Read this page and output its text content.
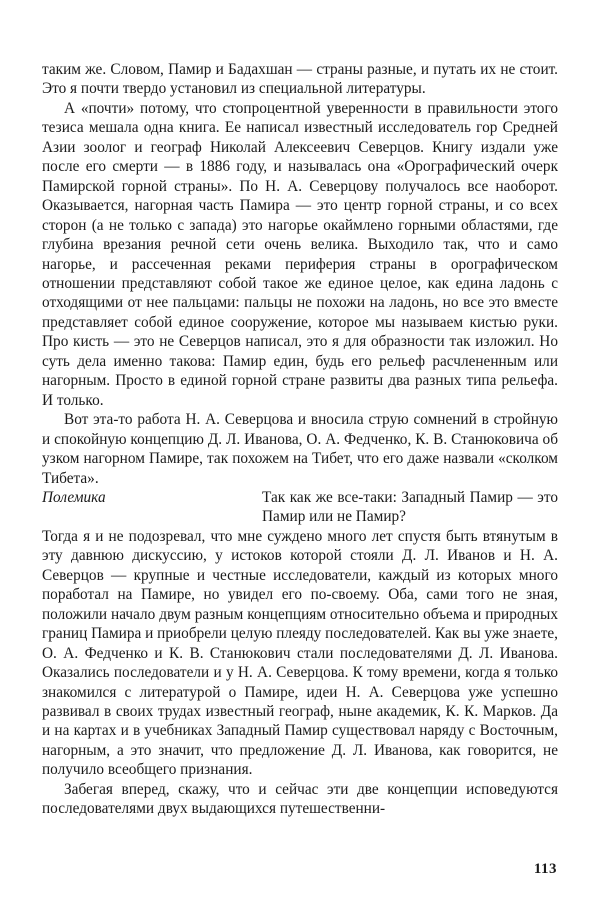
таким же. Словом, Памир и Бадахшан — страны разные, и путать их не стоит. Это я почти твердо установил из специальной литературы.

А «почти» потому, что стопроцентной уверенности в правильности этого тезиса мешала одна книга. Ее написал известный исследователь гор Средней Азии зоолог и географ Николай Алексеевич Северцов. Книгу издали уже после его смерти — в 1886 году, и называлась она «Орографический очерк Памирской горной страны». По Н. А. Северцову получалось все наоборот. Оказывается, нагорная часть Памира — это центр горной страны, и со всех сторон (а не только с запада) это нагорье окаймлено горными областями, где глубина врезания речной сети очень велика. Выходило так, что и само нагорье, и рассеченная реками периферия страны в орографическом отношении представляют собой такое же единое целое, как едина ладонь с отходящими от нее пальцами: пальцы не похожи на ладонь, но все это вместе представляет собой единое сооружение, которое мы называем кистью руки. Про кисть — это не Северцов написал, это я для образности так изложил. Но суть дела именно такова: Памир един, будь его рельеф расчлененным или нагорным. Просто в единой горной стране развиты два разных типа рельефа. И только.

Вот эта-то работа Н. А. Северцова и вносила струю сомнений в стройную и спокойную концепцию Д. Л. Иванова, О. А. Федченко, К. В. Станюковича об узком нагорном Памире, так похожем на Тибет, что его даже назвали «сколком Тибета».

Полемика	Так как же все-таки: Западный Памир — это Памир или не Памир?

Тогда я и не подозревал, что мне суждено много лет спустя быть втянутым в эту давнюю дискуссию, у истоков которой стояли Д. Л. Иванов и Н. А. Северцов — крупные и честные исследователи, каждый из которых много поработал на Памире, но увидел его по-своему. Оба, сами того не зная, положили начало двум разным концепциям относительно объема и природных границ Памира и приобрели целую плеяду последователей. Как вы уже знаете, О. А. Федченко и К. В. Станюкович стали последователями Д. Л. Иванова. Оказались последователи и у Н. А. Северцова. К тому времени, когда я только знакомился с литературой о Памире, идеи Н. А. Северцова уже успешно развивал в своих трудах известный географ, ныне академик, К. К. Марков. Да и на картах и в учебниках Западный Памир существовал наряду с Восточным, нагорным, а это значит, что предложение Д. Л. Иванова, как говорится, не получило всеобщего признания.

Забегая вперед, скажу, что и сейчас эти две концепции исповедуются последователями двух выдающихся путешественни-

113
